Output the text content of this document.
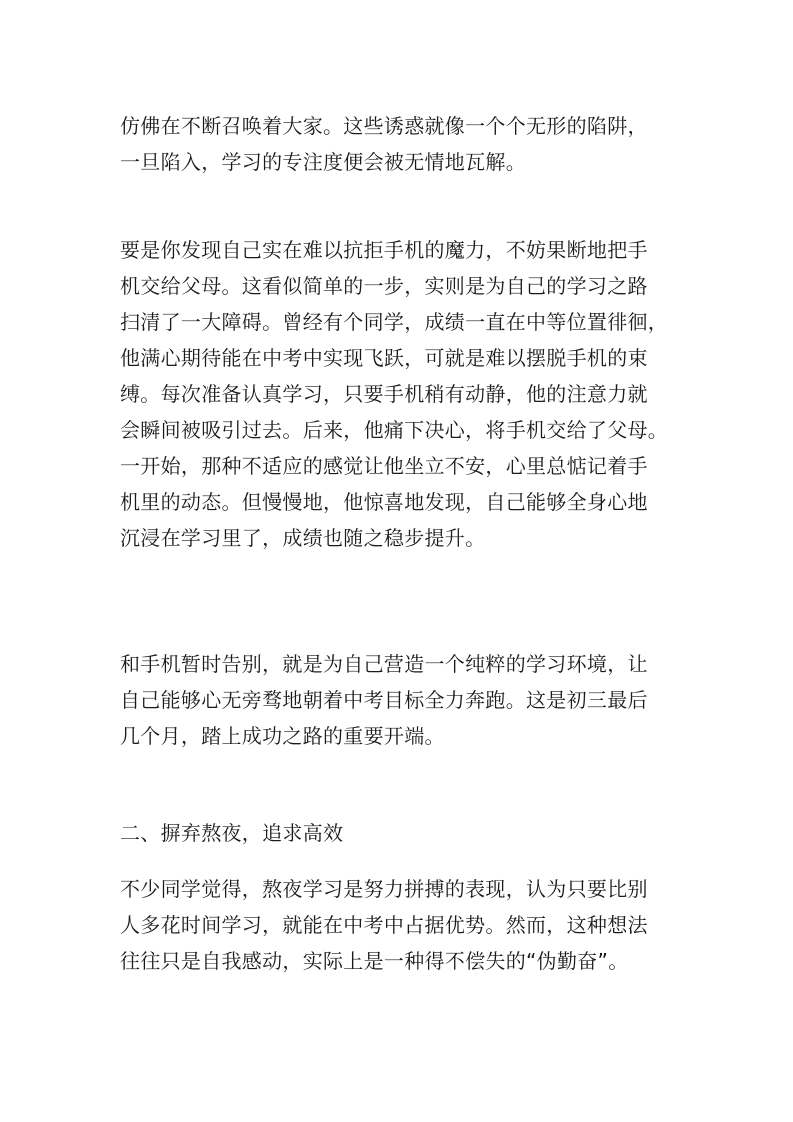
仿佛在不断召唤着大家。这些诱惑就像一个个无形的陷阱，
一旦陷入，学习的专注度便会被无情地瓦解。
要是你发现自己实在难以抗拒手机的魔力，不妨果断地把手
机交给父母。这看似简单的一步，实则是为自己的学习之路
扫清了一大障碍。曾经有个同学，成绩一直在中等位置徘徊，
他满心期待能在中考中实现飞跃，可就是难以摆脱手机的束
缚。每次准备认真学习，只要手机稍有动静，他的注意力就
会瞬间被吸引过去。后来，他痛下决心，将手机交给了父母。
一开始，那种不适应的感觉让他坐立不安，心里总惦记着手
机里的动态。但慢慢地，他惊喜地发现，自己能够全身心地
沉浸在学习里了，成绩也随之稳步提升。
和手机暂时告别，就是为自己营造一个纯粹的学习环境，让
自己能够心无旁骛地朝着中考目标全力奔跑。这是初三最后
几个月，踏上成功之路的重要开端。
二、摒弃熬夜，追求高效
不少同学觉得，熬夜学习是努力拼搏的表现，认为只要比别
人多花时间学习，就能在中考中占据优势。然而，这种想法
往往只是自我感动，实际上是一种得不偿失的“伪勤奋”。
